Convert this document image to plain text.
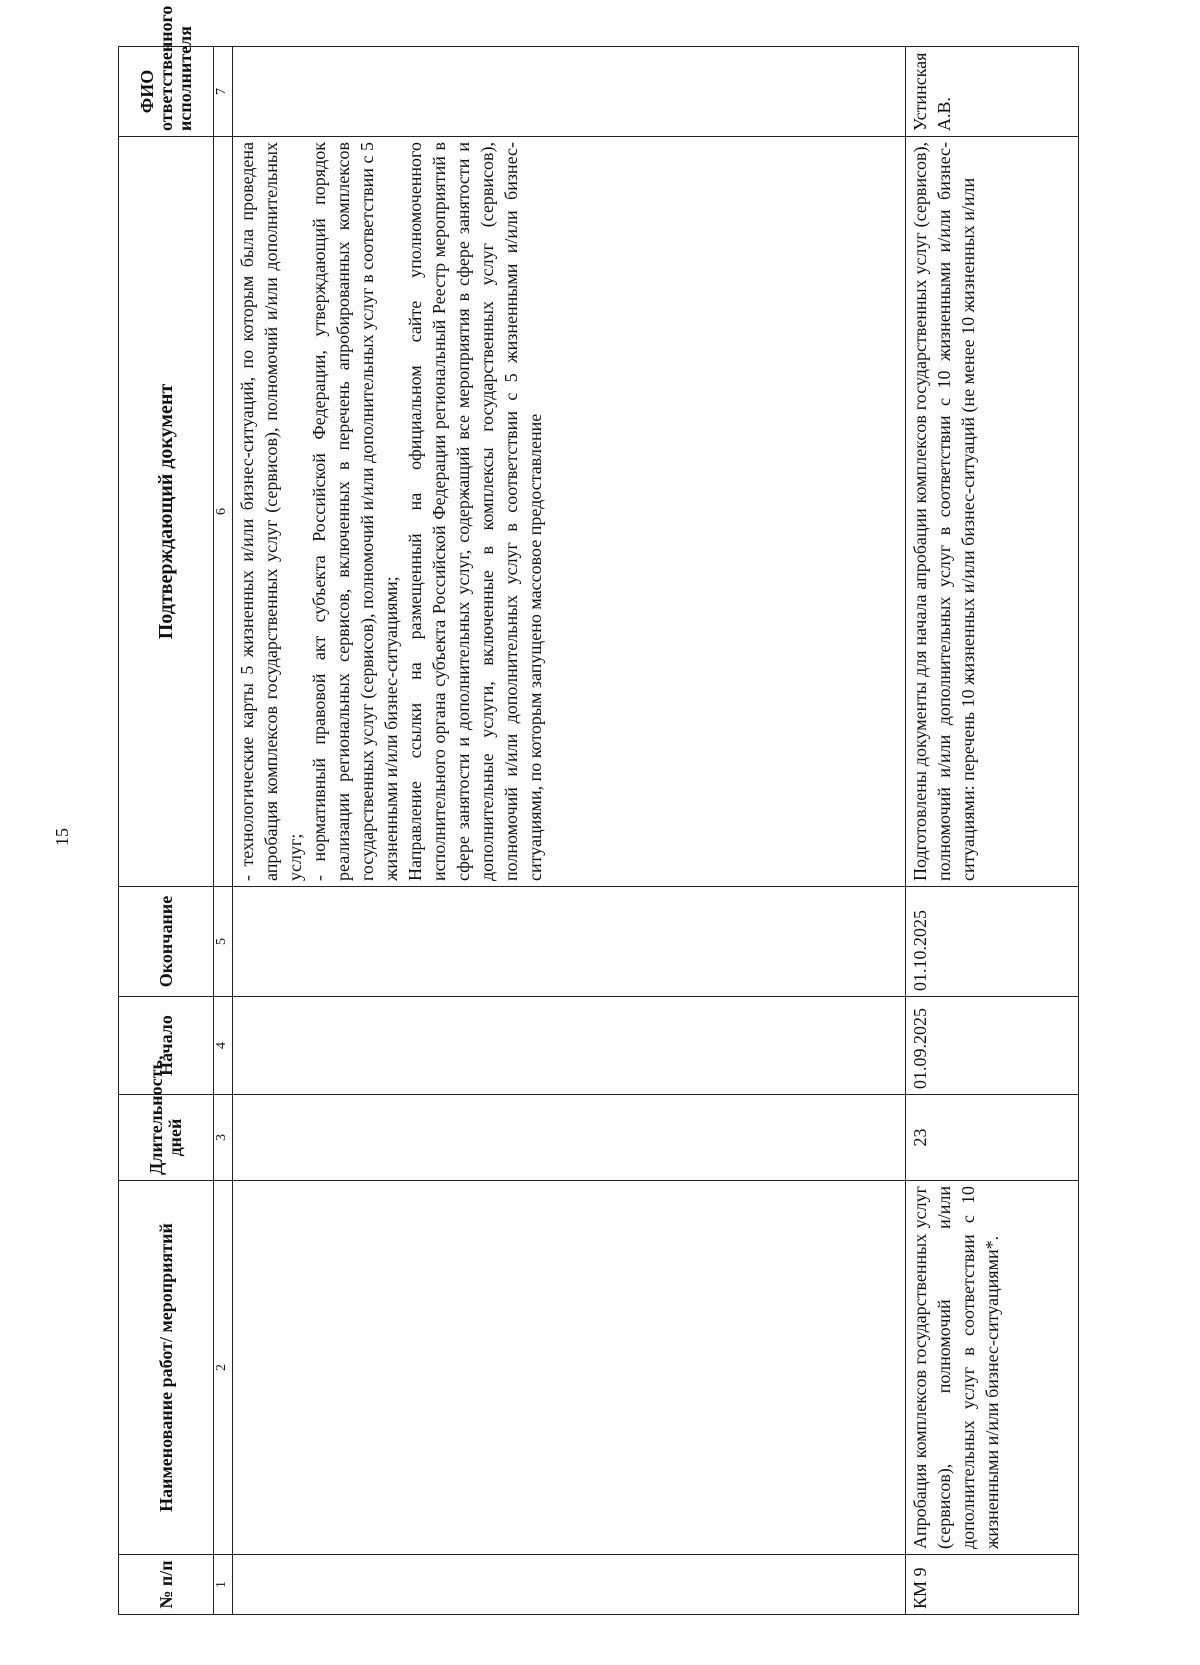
15
№ п/п	Наименование работ/ мероприятий	Длительность, дней	Начало	Окончание	Подтверждающий документ	ФИО ответственного исполнителя
1	2	3	4	5	6	7

					- технологические карты 5 жизненных и/или бизнес-ситуаций, по которым была проведена апробация комплексов государственных услуг (сервисов), полномочий и/или дополнительных услуг; - нормативный правовой акт субъекта Российской Федерации, утверждающий порядок реализации региональных сервисов, включенных в перечень апробированных комплексов государственных услуг (сервисов), полномочий и/или дополнительных услуг в соответствии с 5 жизненными и/или бизнес-ситуациями; Направление ссылки на размещенный на официальном сайте уполномоченного исполнительного органа субъекта Российской Федерации региональный Реестр мероприятий в сфере занятости и дополнительных услуг, содержащий все мероприятия в сфере занятости и дополнительные услуги, включенные в комплексы государственных услуг (сервисов), полномочий и/или дополнительных услуг в соответствии с 5 жизненными и/или бизнес-ситуациями, по которым запущено массовое предоставление	

КМ 9	Апробация комплексов государственных услуг (сервисов), полномочий и/или дополнительных услуг в соответствии с 10 жизненными и/или бизнес-ситуациями*.	23	01.09.2025	01.10.2025	Подготовлены документы для начала апробации комплексов государственных услуг (сервисов), полномочий и/или дополнительных услуг в соответствии с 10 жизненными и/или бизнес-ситуациями: перечень 10 жизненных и/или бизнес-ситуаций (не менее 10 жизненных и/или	Устинская А.В.
